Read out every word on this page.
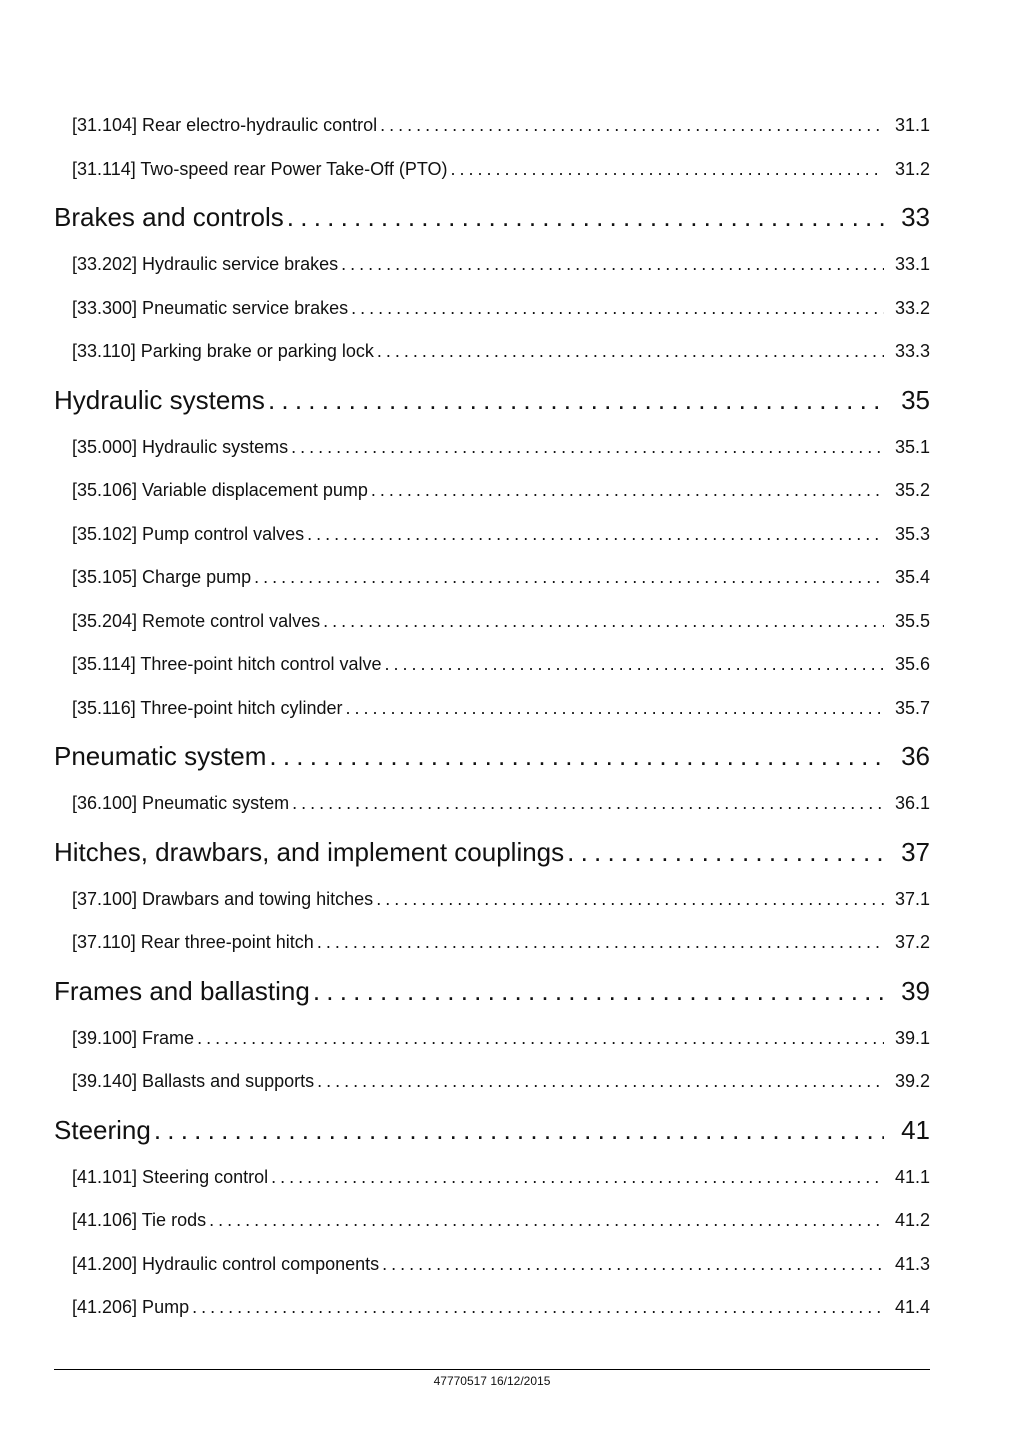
[31.104] Rear electro-hydraulic control . . .	31.1
[31.114] Two-speed rear Power Take-Off (PTO) . . .	31.2
Brakes and controls . . .	33
[33.202] Hydraulic service brakes . . .	33.1
[33.300] Pneumatic service brakes . . .	33.2
[33.110] Parking brake or parking lock . . .	33.3
Hydraulic systems . . .	35
[35.000] Hydraulic systems . . .	35.1
[35.106] Variable displacement pump . . .	35.2
[35.102] Pump control valves . . .	35.3
[35.105] Charge pump . . .	35.4
[35.204] Remote control valves . . .	35.5
[35.114] Three-point hitch control valve . . .	35.6
[35.116] Three-point hitch cylinder . . .	35.7
Pneumatic system . . .	36
[36.100] Pneumatic system . . .	36.1
Hitches, drawbars, and implement couplings . . .	37
[37.100] Drawbars and towing hitches . . .	37.1
[37.110] Rear three-point hitch . . .	37.2
Frames and ballasting . . .	39
[39.100] Frame . . .	39.1
[39.140] Ballasts and supports . . .	39.2
Steering . . .	41
[41.101] Steering control . . .	41.1
[41.106] Tie rods . . .	41.2
[41.200] Hydraulic control components . . .	41.3
[41.206] Pump . . .	41.4
47770517 16/12/2015
